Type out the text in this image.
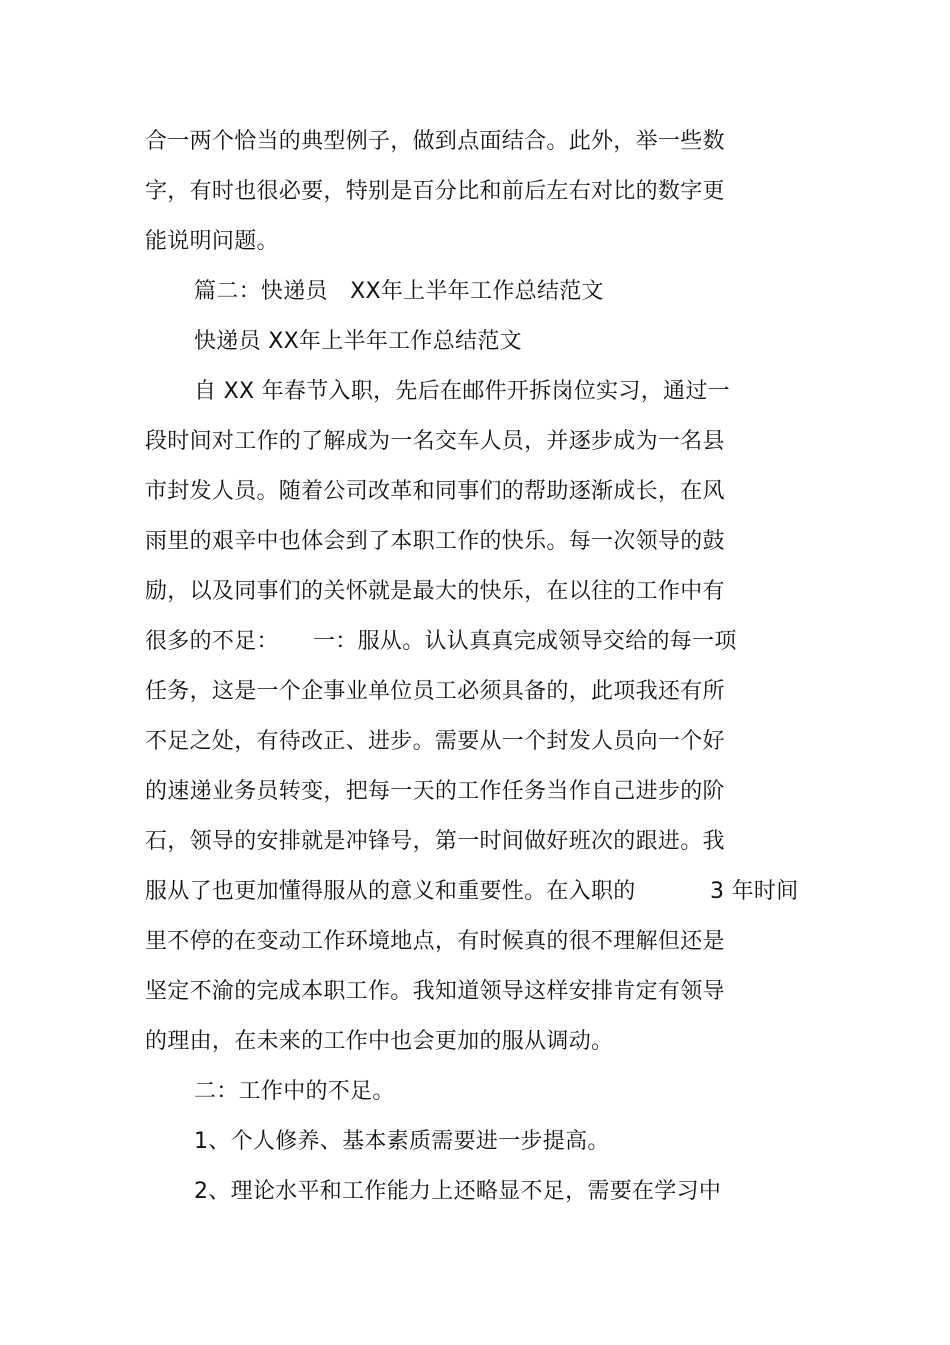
合一两个恰当的典型例子，做到点面结合。此外，举一些数
字，有时也很必要，特别是百分比和前后左右对比的数字更
能说明问题。
篇二：快递员　XX年上半年工作总结范文
快递员 XX年上半年工作总结范文
自 XX 年春节入职，先后在邮件开拆岗位实习，通过一
段时间对工作的了解成为一名交车人员，并逐步成为一名县
市封发人员。随着公司改革和同事们的帮助逐渐成长，在风
雨里的艰辛中也体会到了本职工作的快乐。每一次领导的鼓
励，以及同事们的关怀就是最大的快乐，在以往的工作中有
很多的不足： 一：服从。认认真真完成领导交给的每一项
任务，这是一个企事业单位员工必须具备的，此项我还有所
不足之处，有待改正、进步。需要从一个封发人员向一个好
的速递业务员转变，把每一天的工作任务当作自己进步的阶
石，领导的安排就是冲锋号，第一时间做好班次的跟进。我
服从了也更加懂得服从的意义和重要性。在入职的	3 年时间
里不停的在变动工作环境地点，有时候真的很不理解但还是
坚定不渝的完成本职工作。我知道领导这样安排肯定有领导
的理由，在未来的工作中也会更加的服从调动。
二：工作中的不足。
1、个人修养、基本素质需要进一步提高。
2、理论水平和工作能力上还略显不足，需要在学习中
